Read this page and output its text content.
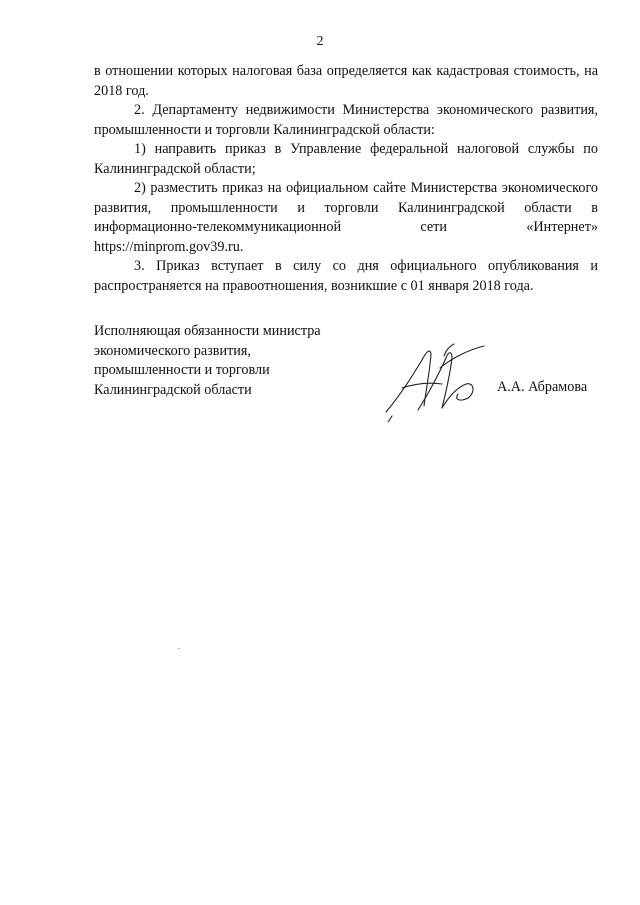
2

в отношении которых налоговая база определяется как кадастровая стоимость, на 2018 год.

2. Департаменту недвижимости Министерства экономического развития, промышленности и торговли Калининградской области:

1) направить приказ в Управление федеральной налоговой службы по Калининградской области;

2) разместить приказ на официальном сайте Министерства экономического развития, промышленности и торговли Калининградской области в информационно-телекоммуникационной сети «Интернет» https://minprom.gov39.ru.

3. Приказ вступает в силу со дня официального опубликования и распространяется на правоотношения, возникшие с 01 января 2018 года.

Исполняющая обязанности министра
экономического развития,
промышленности и торговли
Калининградской области	А.А. Абрамова
